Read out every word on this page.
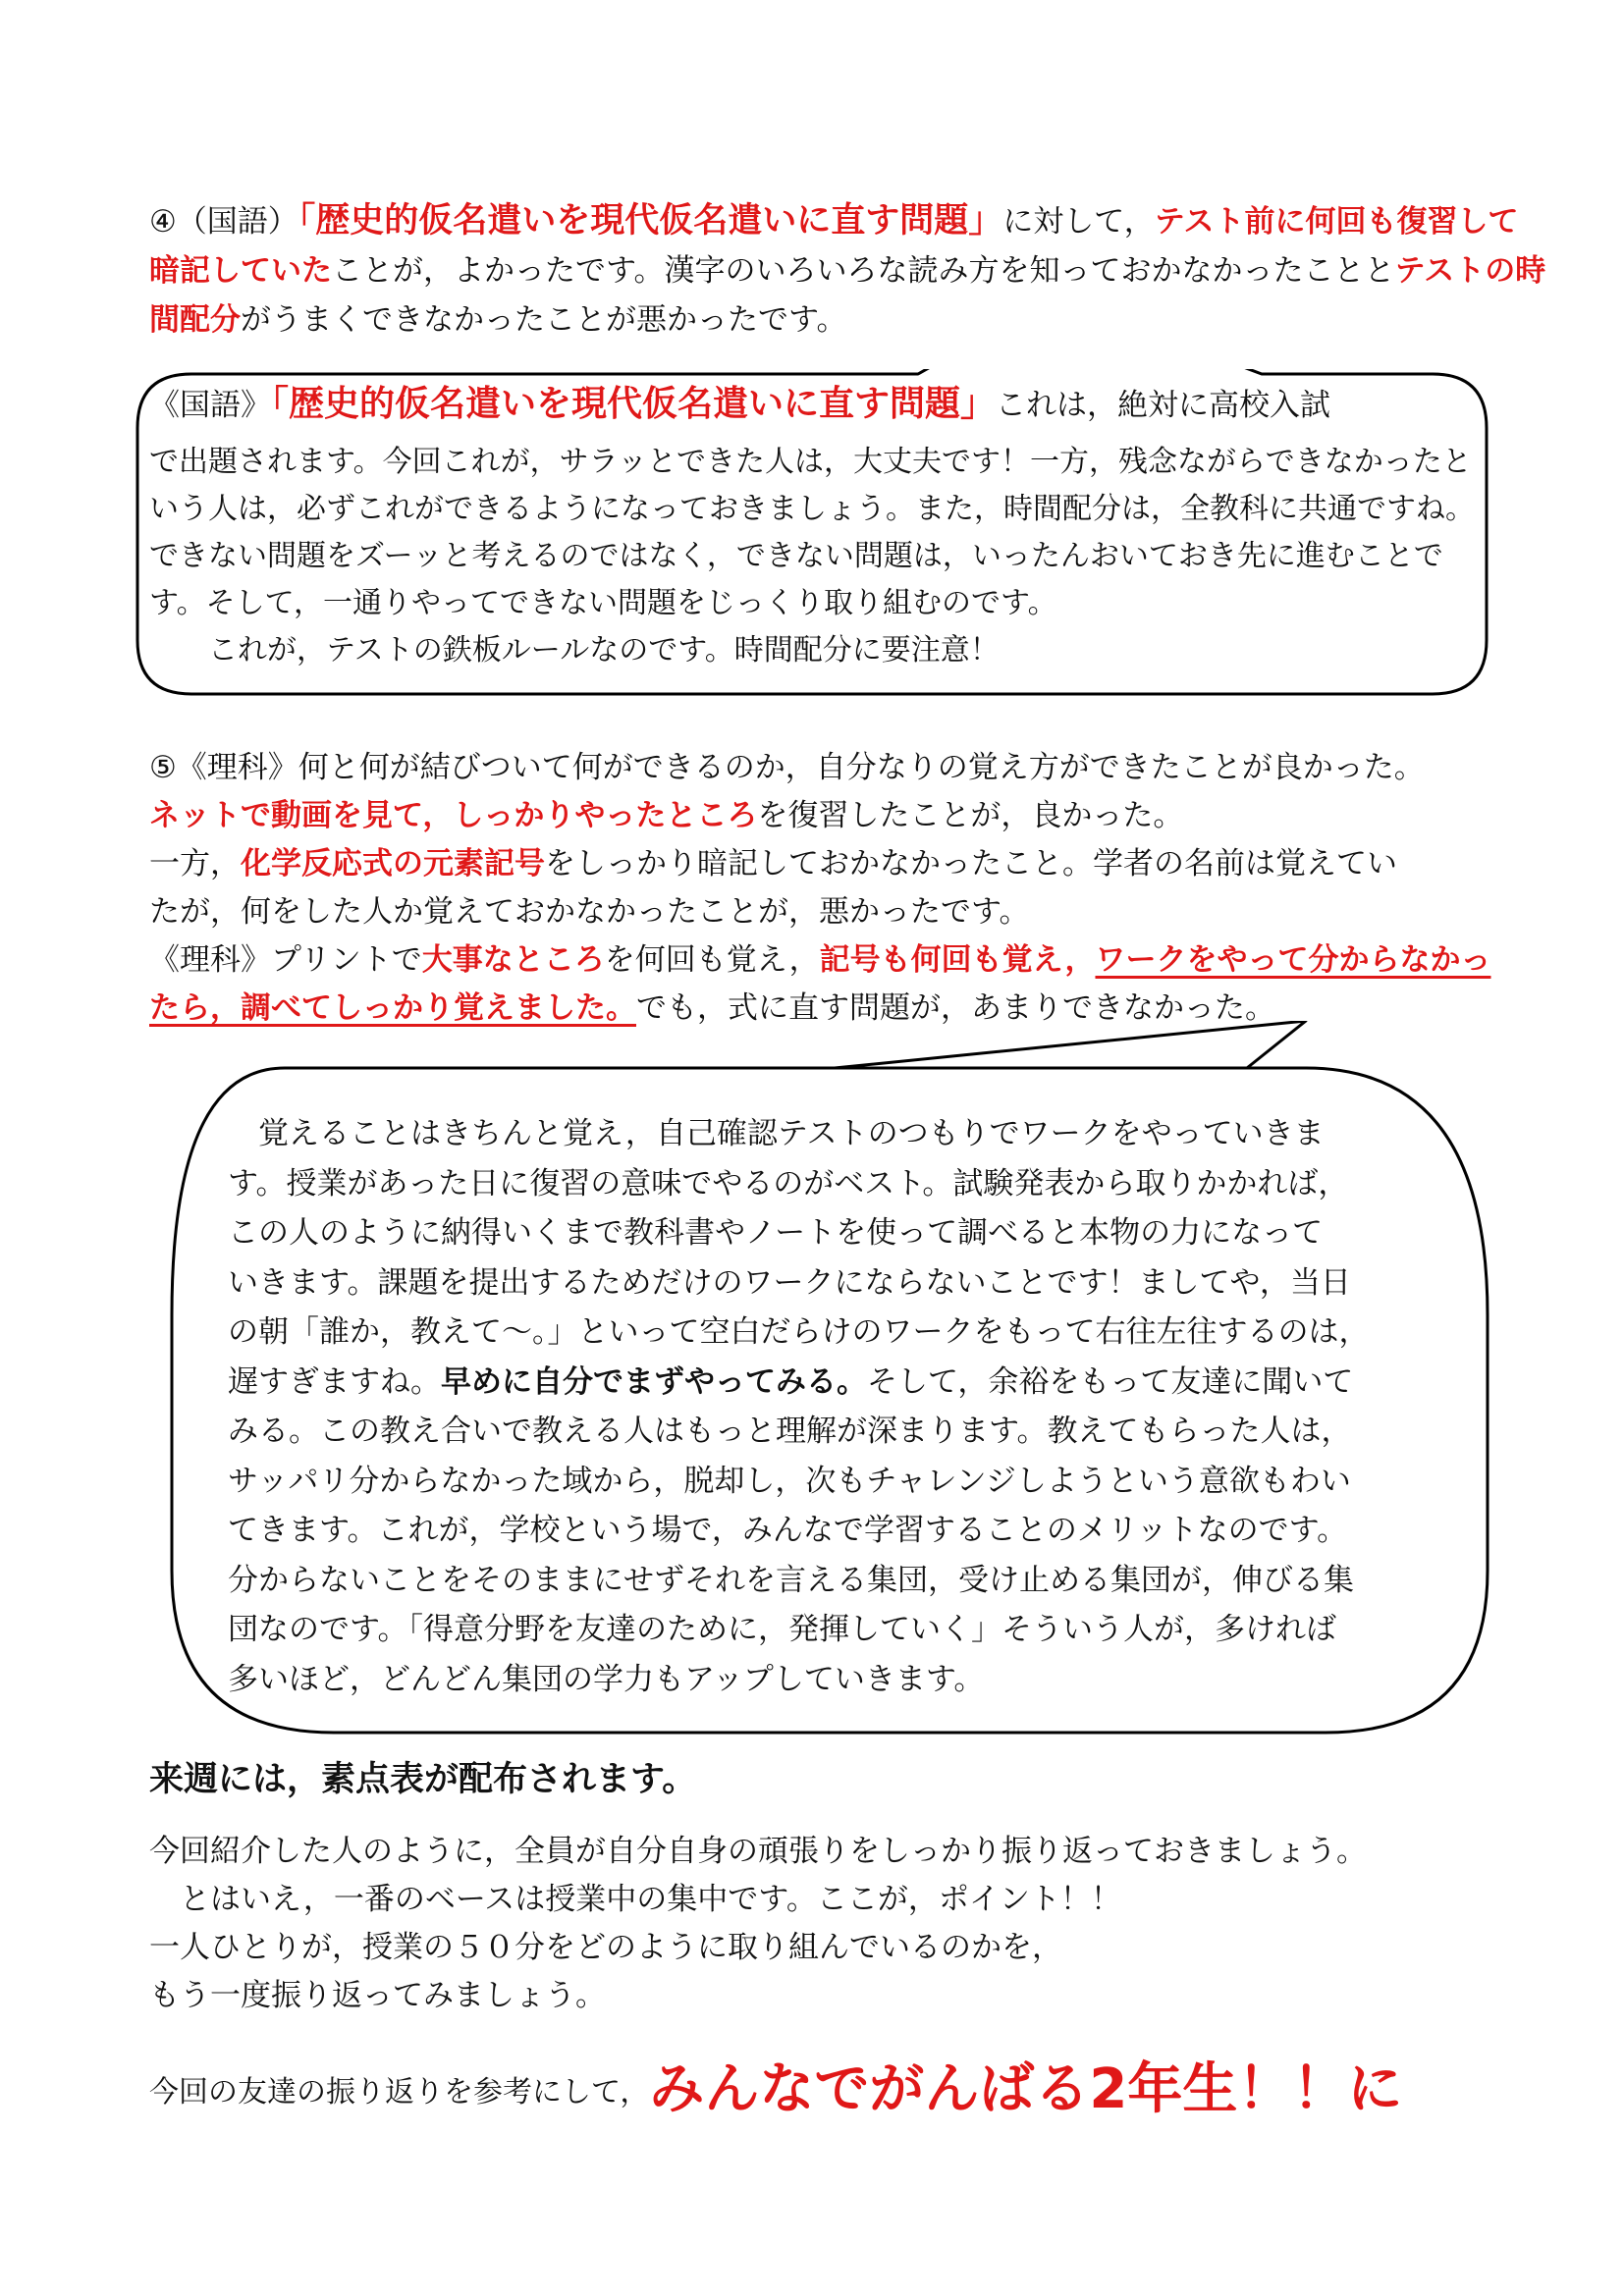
④（国語）「歴史的仮名遣いを現代仮名遣いに直す問題」に対して，テスト前に何回も復習して
暗記していたことが，よかったです。漢字のいろいろな読み方を知っておかなかったこととテストの時
間配分がうまくできなかったことが悪かったです。
《国語》「歴史的仮名遣いを現代仮名遣いに直す問題」これは，絶対に高校入試
で出題されます。今回これが，サラッとできた人は，大丈夫です！一方，残念ながらできなかったと
いう人は，必ずこれができるようになっておきましょう。また，時間配分は，全教科に共通ですね。
できない問題をズーッと考えるのではなく，できない問題は，いったんおいておき先に進むことで
す。そして，一通りやってできない問題をじっくり取り組むのです。
　　これが，テストの鉄板ルールなのです。時間配分に要注意！
⑤《理科》何と何が結びついて何ができるのか，自分なりの覚え方ができたことが良かった。
ネットで動画を見て，しっかりやったところを復習したことが，良かった。
一方，化学反応式の元素記号をしっかり暗記しておかなかったこと。学者の名前は覚えてい
たが，何をした人か覚えておかなかったことが，悪かったです。
《理科》プリントで大事なところを何回も覚え，記号も何回も覚え，ワークをやって分からなかっ
たら，調べてしっかり覚えました。でも，式に直す問題が，あまりできなかった。
　覚えることはきちんと覚え，自己確認テストのつもりでワークをやっていきま
す。授業があった日に復習の意味でやるのがベスト。試験発表から取りかかれば，
この人のように納得いくまで教科書やノートを使って調べると本物の力になって
いきます。課題を提出するためだけのワークにならないことです！ましてや，当日
の朝「誰か，教えて～。」といって空白だらけのワークをもって右往左往するのは，
遅すぎますね。早めに自分でまずやってみる。そして，余裕をもって友達に聞いて
みる。この教え合いで教える人はもっと理解が深まります。教えてもらった人は，
サッパリ分からなかった域から，脱却し，次もチャレンジしようという意欲もわい
てきます。これが，学校という場で，みんなで学習することのメリットなのです。
分からないことをそのままにせずそれを言える集団，受け止める集団が，伸びる集
団なのです。「得意分野を友達のために，発揮していく」そういう人が，多ければ
多いほど，どんどん集団の学力もアップしていきます。
来週には，素点表が配布されます。
今回紹介した人のように，全員が自分自身の頑張りをしっかり振り返っておきましょう。
　とはいえ，一番のベースは授業中の集中です。ここが，ポイント！！
一人ひとりが，授業の５０分をどのように取り組んでいるのかを，
もう一度振り返ってみましょう。
今回の友達の振り返りを参考にして，みんなでがんばる2年生！！に
